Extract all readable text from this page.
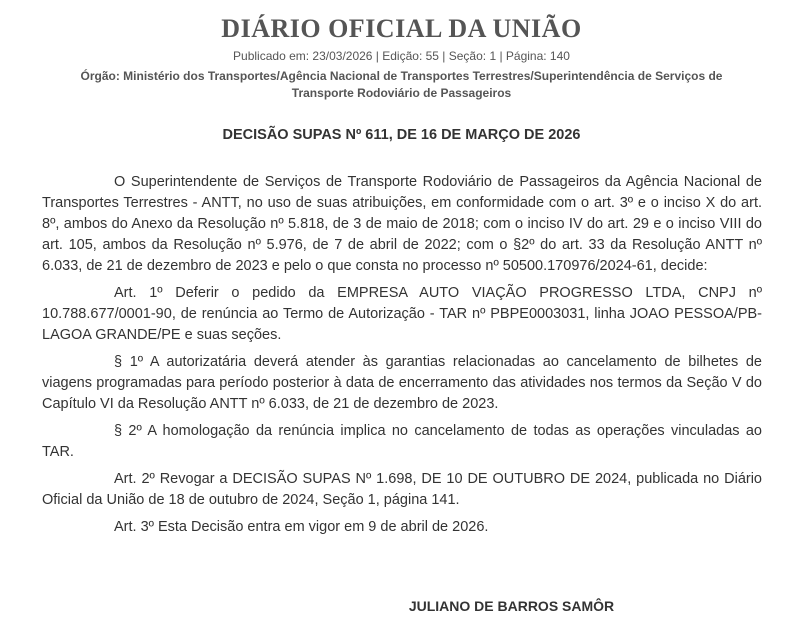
DIÁRIO OFICIAL DA UNIÃO
Publicado em: 23/03/2026 | Edição: 55 | Seção: 1 | Página: 140
Órgão: Ministério dos Transportes/Agência Nacional de Transportes Terrestres/Superintendência de Serviços de Transporte Rodoviário de Passageiros
DECISÃO SUPAS Nº 611, DE 16 DE MARÇO DE 2026

O Superintendente de Serviços de Transporte Rodoviário de Passageiros da Agência Nacional de Transportes Terrestres - ANTT, no uso de suas atribuições, em conformidade com o art. 3º e o inciso X do art. 8º, ambos do Anexo da Resolução nº 5.818, de 3 de maio de 2018; com o inciso IV do art. 29 e o inciso VIII do art. 105, ambos da Resolução nº 5.976, de 7 de abril de 2022; com o §2º do art. 33 da Resolução ANTT nº 6.033, de 21 de dezembro de 2023 e pelo o que consta no processo nº 50500.170976/2024-61, decide:

Art. 1º Deferir o pedido da EMPRESA AUTO VIAÇÃO PROGRESSO LTDA, CNPJ nº 10.788.677/0001-90, de renúncia ao Termo de Autorização - TAR nº PBPE0003031, linha JOAO PESSOA/PB-LAGOA GRANDE/PE e suas seções.

§ 1º A autorizatária deverá atender às garantias relacionadas ao cancelamento de bilhetes de viagens programadas para período posterior à data de encerramento das atividades nos termos da Seção V do Capítulo VI da Resolução ANTT nº 6.033, de 21 de dezembro de 2023.

§ 2º A homologação da renúncia implica no cancelamento de todas as operações vinculadas ao TAR.

Art. 2º Revogar a DECISÃO SUPAS Nº 1.698, DE 10 DE OUTUBRO DE 2024, publicada no Diário Oficial da União de 18 de outubro de 2024, Seção 1, página 141.

Art. 3º Esta Decisão entra em vigor em 9 de abril de 2026.

JULIANO DE BARROS SAMÔR
